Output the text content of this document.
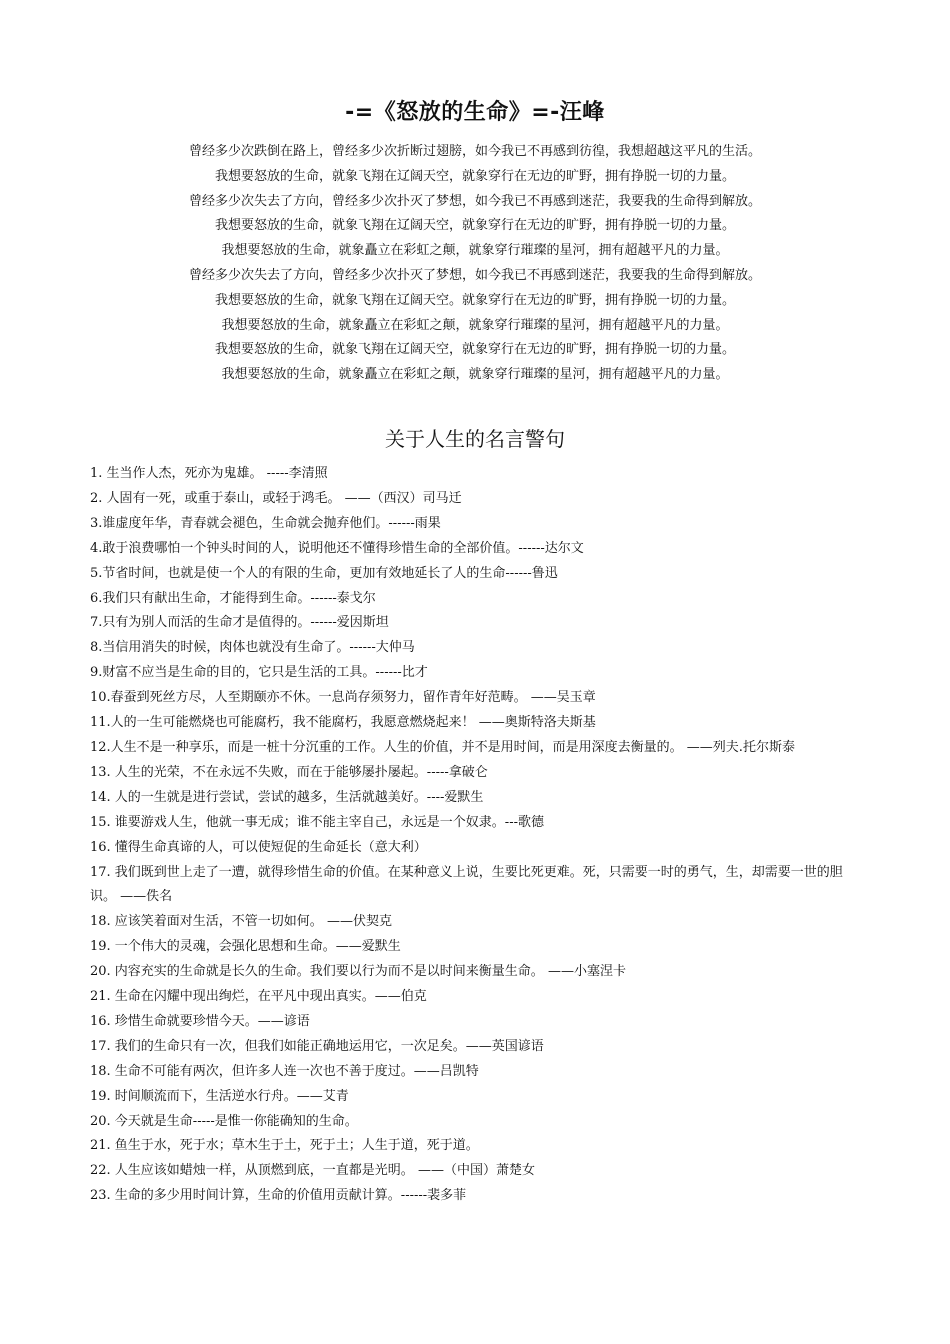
-=《怒放的生命》=-汪峰
曾经多少次跌倒在路上，曾经多少次折断过翅膀，如今我已不再感到彷徨，我想超越这平凡的生活。
我想要怒放的生命，就象飞翔在辽阔天空，就象穿行在无边的旷野，拥有挣脱一切的力量。
曾经多少次失去了方向，曾经多少次扑灭了梦想，如今我已不再感到迷茫，我要我的生命得到解放。
我想要怒放的生命，就象飞翔在辽阔天空，就象穿行在无边的旷野，拥有挣脱一切的力量。
我想要怒放的生命，就象矗立在彩虹之颠，就象穿行璀璨的星河，拥有超越平凡的力量。
曾经多少次失去了方向，曾经多少次扑灭了梦想，如今我已不再感到迷茫，我要我的生命得到解放。
我想要怒放的生命，就象飞翔在辽阔天空。就象穿行在无边的旷野，拥有挣脱一切的力量。
我想要怒放的生命，就象矗立在彩虹之颠，就象穿行璀璨的星河，拥有超越平凡的力量。
我想要怒放的生命，就象飞翔在辽阔天空，就象穿行在无边的旷野，拥有挣脱一切的力量。
我想要怒放的生命，就象矗立在彩虹之颠，就象穿行璀璨的星河，拥有超越平凡的力量。
关于人生的名言警句
1. 生当作人杰，死亦为鬼雄。 -----李清照
2. 人固有一死，或重于泰山，或轻于鸿毛。 ——（西汉）司马迁
3.谁虚度年华，青春就会褪色，生命就会抛弃他们。------雨果
4.敢于浪费哪怕一个钟头时间的人，说明他还不懂得珍惜生命的全部价值。------达尔文
5.节省时间，也就是使一个人的有限的生命，更加有效地延长了人的生命------鲁迅
6.我们只有献出生命，才能得到生命。------泰戈尔
7.只有为别人而活的生命才是值得的。------爱因斯坦
8.当信用消失的时候，肉体也就没有生命了。------大仲马
9.财富不应当是生命的目的，它只是生活的工具。------比才
10.春蚕到死丝方尽，人至期颐亦不休。一息尚存须努力，留作青年好范畴。 ——吴玉章
11.人的一生可能燃烧也可能腐朽，我不能腐朽，我愿意燃烧起来！ ——奥斯特洛夫斯基
12.人生不是一种享乐，而是一桩十分沉重的工作。人生的价值，并不是用时间，而是用深度去衡量的。 ——列夫.托尔斯泰
13. 人生的光荣，不在永远不失败，而在于能够屡扑屡起。-----拿破仑
14. 人的一生就是进行尝试，尝试的越多，生活就越美好。----爱默生
15. 谁要游戏人生，他就一事无成；谁不能主宰自己，永远是一个奴隶。---歌德
16. 懂得生命真谛的人，可以使短促的生命延长（意大利）
17. 我们既到世上走了一遭，就得珍惜生命的价值。在某种意义上说，生要比死更难。死，只需要一时的勇气，生，却需要一世的胆识。 ——佚名
18. 应该笑着面对生活，不管一切如何。 ——伏契克
19. 一个伟大的灵魂，会强化思想和生命。——爱默生
20. 内容充实的生命就是长久的生命。我们要以行为而不是以时间来衡量生命。 ——小塞涅卡
21. 生命在闪耀中现出绚烂，在平凡中现出真实。——伯克
16. 珍惜生命就要珍惜今天。——谚语
17. 我们的生命只有一次，但我们如能正确地运用它，一次足矣。——英国谚语
18. 生命不可能有两次，但许多人连一次也不善于度过。——吕凯特
19. 时间顺流而下，生活逆水行舟。——艾青
20. 今天就是生命-----是惟一你能确知的生命。
21. 鱼生于水，死于水；草木生于土，死于土；人生于道，死于道。
22. 人生应该如蜡烛一样，从顶燃到底，一直都是光明。 ——（中国）萧楚女
23. 生命的多少用时间计算，生命的价值用贡献计算。------裴多菲
